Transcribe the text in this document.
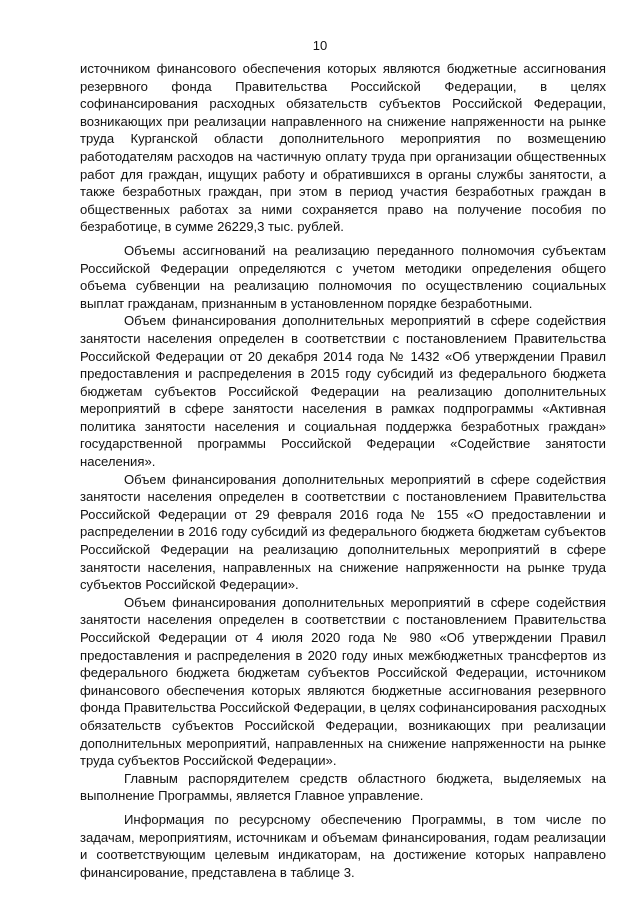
10

источником финансового обеспечения которых являются бюджетные ассигнования резервного фонда Правительства Российской Федерации, в целях софинансирования расходных обязательств субъектов Российской Федерации, возникающих при реализации направленного на снижение напряженности на рынке труда Курганской области дополнительного мероприятия по возмещению работодателям расходов на частичную оплату труда при организации общественных работ для граждан, ищущих работу и обратившихся в органы службы занятости, а также безработных граждан, при этом в период участия безработных граждан в общественных работах за ними сохраняется право на получение пособия по безработице, в сумме 26229,3 тыс. рублей.

Объемы ассигнований на реализацию переданного полномочия субъектам Российской Федерации определяются с учетом методики определения общего объема субвенции на реализацию полномочия по осуществлению социальных выплат гражданам, признанным в установленном порядке безработными.

Объем финансирования дополнительных мероприятий в сфере содействия занятости населения определен в соответствии с постановлением Правительства Российской Федерации от 20 декабря 2014 года № 1432 «Об утверждении Правил предоставления и распределения в 2015 году субсидий из федерального бюджета бюджетам субъектов Российской Федерации на реализацию дополнительных мероприятий в сфере занятости населения в рамках подпрограммы «Активная политика занятости населения и социальная поддержка безработных граждан» государственной программы Российской Федерации «Содействие занятости населения».

Объем финансирования дополнительных мероприятий в сфере содействия занятости населения определен в соответствии с постановлением Правительства Российской Федерации от 29 февраля 2016 года № 155 «О предоставлении и распределении в 2016 году субсидий из федерального бюджета бюджетам субъектов Российской Федерации на реализацию дополнительных мероприятий в сфере занятости населения, направленных на снижение напряженности на рынке труда субъектов Российской Федерации».

Объем финансирования дополнительных мероприятий в сфере содействия занятости населения определен в соответствии с постановлением Правительства Российской Федерации от 4 июля 2020 года № 980 «Об утверждении Правил предоставления и распределения в 2020 году иных межбюджетных трансфертов из федерального бюджета бюджетам субъектов Российской Федерации, источником финансового обеспечения которых являются бюджетные ассигнования резервного фонда Правительства Российской Федерации, в целях софинансирования расходных обязательств субъектов Российской Федерации, возникающих при реализации дополнительных мероприятий, направленных на снижение напряженности на рынке труда субъектов Российской Федерации».

Главным распорядителем средств областного бюджета, выделяемых на выполнение Программы, является Главное управление.

Информация по ресурсному обеспечению Программы, в том числе по задачам, мероприятиям, источникам и объемам финансирования, годам реализации и соответствующим целевым индикаторам, на достижение которых направлено финансирование, представлена в таблице 3.
